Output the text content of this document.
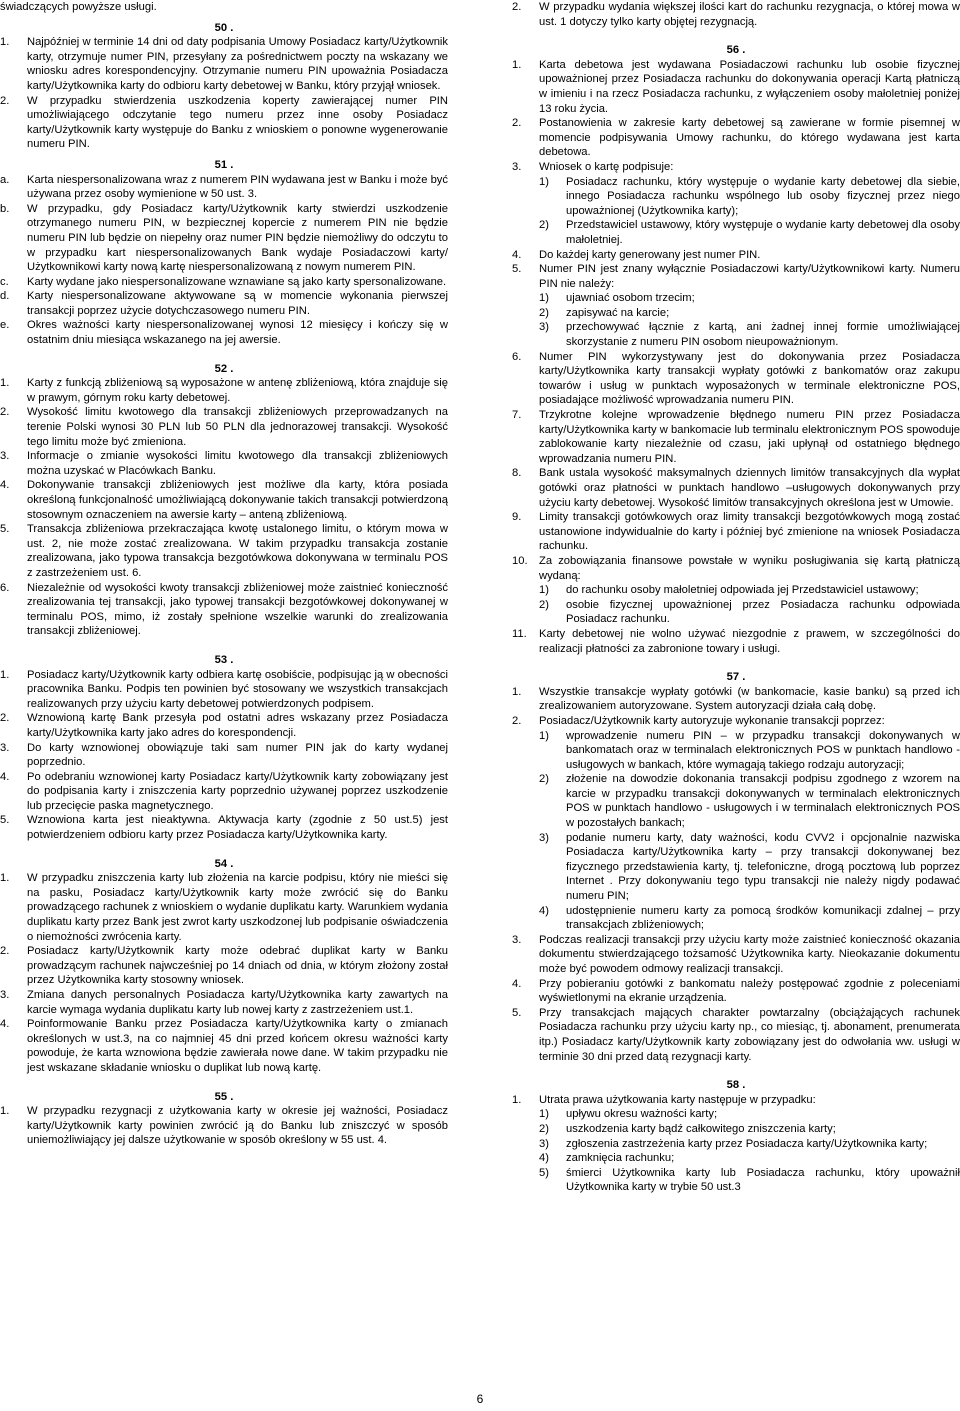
świadczących powyższe usługi.
50 .
1. Najpóźniej w terminie 14 dni od daty podpisania Umowy Posiadacz karty/Użytkownik karty, otrzymuje numer PIN, przesyłany za pośrednictwem poczty na wskazany we wniosku adres korespondencyjny. Otrzymanie numeru PIN upoważnia Posiadacza karty/Użytkownika karty do odbioru karty debetowej w Banku, który przyjął wniosek.
2. W przypadku stwierdzenia uszkodzenia koperty zawierającej numer PIN umożliwiającego odczytanie tego numeru przez inne osoby Posiadacz karty/Użytkownik karty występuje do Banku z wnioskiem o ponowne wygenerowanie numeru PIN.
51 .
a. Karta niespersonalizowana wraz z numerem PIN wydawana jest w Banku i może być używana przez osoby wymienione w 50 ust. 3.
b. W przypadku, gdy Posiadacz karty/Użytkownik karty stwierdzi uszkodzenie otrzymanego numeru PIN, w bezpiecznej kopercie z numerem PIN nie będzie numeru PIN lub będzie on niepełny oraz numer PIN będzie niemożliwy do odczytu to w przypadku kart niespersonalizowanych Bank wydaje Posiadaczowi karty/ Użytkownikowi karty nową kartę niespersonalizowaną z nowym numerem PIN.
c. Karty wydane jako niespersonalizowane wznawiane są jako karty spersonalizowane.
d. Karty niespersonalizowane aktywowane są w momencie wykonania pierwszej transakcji poprzez użycie dotychczasowego numeru PIN.
e. Okres ważności karty niespersonalizowanej wynosi 12 miesięcy i kończy się w ostatnim dniu miesiąca wskazanego na jej awersie.
52 .
1. Karty z funkcją zbliżeniową są wyposażone w antenę zbliżeniową, która znajduje się w prawym, górnym roku karty debetowej.
2. Wysokość limitu kwotowego dla transakcji zbliżeniowych przeprowadzanych na terenie Polski wynosi 30 PLN lub 50 PLN dla jednorazowej transakcji. Wysokość tego limitu może być zmieniona.
3. Informacje o zmianie wysokości limitu kwotowego dla transakcji zbliżeniowych można uzyskać w Placówkach Banku.
4. Dokonywanie transakcji zbliżeniowych jest możliwe dla karty, która posiada określoną funkcjonalność umożliwiającą dokonywanie takich transakcji potwierdzoną stosownym oznaczeniem na awersie karty – anteną zbliżeniową.
5. Transakcja zbliżeniowa przekraczająca kwotę ustalonego limitu, o którym mowa w ust. 2, nie może zostać zrealizowana. W takim przypadku transakcja zostanie zrealizowana, jako typowa transakcja bezgotówkowa dokonywana w terminalu POS z zastrzeżeniem ust. 6.
6. Niezależnie od wysokości kwoty transakcji zbliżeniowej może zaistnieć konieczność zrealizowania tej transakcji, jako typowej transakcji bezgotówkowej dokonywanej w terminalu POS, mimo, iż zostały spełnione wszelkie warunki do zrealizowania transakcji zbliżeniowej.
53 .
1. Posiadacz karty/Użytkownik karty odbiera kartę osobiście, podpisując ją w obecności pracownika Banku. Podpis ten powinien być stosowany we wszystkich transakcjach realizowanych przy użyciu karty debetowej potwierdzonych podpisem.
2. Wznowioną kartę Bank przesyła pod ostatni adres wskazany przez Posiadacza karty/Użytkownika karty jako adres do korespondencji.
3. Do karty wznowionej obowiązuje taki sam numer PIN jak do karty wydanej poprzednio.
4. Po odebraniu wznowionej karty Posiadacz karty/Użytkownik karty zobowiązany jest do podpisania karty i zniszczenia karty poprzednio używanej poprzez uszkodzenie lub przecięcie paska magnetycznego.
5. Wznowiona karta jest nieaktywna. Aktywacja karty (zgodnie z 50 ust.5) jest potwierdzeniem odbioru karty przez Posiadacza karty/Użytkownika karty.
54 .
1. W przypadku zniszczenia karty lub złożenia na karcie podpisu, który nie mieści się na pasku, Posiadacz karty/Użytkownik karty może zwrócić się do Banku prowadzącego rachunek z wnioskiem o wydanie duplikatu karty. Warunkiem wydania duplikatu karty przez Bank jest zwrot karty uszkodzonej lub podpisanie oświadczenia o niemożności zwrócenia karty.
2. Posiadacz karty/Użytkownik karty może odebrać duplikat karty w Banku prowadzącym rachunek najwcześniej po 14 dniach od dnia, w którym złożony został przez Użytkownika karty stosowny wniosek.
3. Zmiana danych personalnych Posiadacza karty/Użytkownika karty zawartych na karcie wymaga wydania duplikatu karty lub nowej karty z zastrzeżeniem ust.1.
4. Poinformowanie Banku przez Posiadacza karty/Użytkownika karty o zmianach określonych w ust.3, na co najmniej 45 dni przed końcem okresu ważności karty powoduje, że karta wznowiona będzie zawierała nowe dane. W takim przypadku nie jest wskazane składanie wniosku o duplikat lub nową kartę.
55 .
1. W przypadku rezygnacji z użytkowania karty w okresie jej ważności, Posiadacz karty/Użytkownik karty powinien zwrócić ją do Banku lub zniszczyć w sposób uniemożliwiający jej dalsze użytkowanie w sposób określony w 55 ust. 4.
2. W przypadku wydania większej ilości kart do rachunku rezygnacja, o której mowa w ust. 1 dotyczy tylko karty objętej rezygnacją.
56 .
1. Karta debetowa jest wydawana Posiadaczowi rachunku lub osobie fizycznej upoważnionej przez Posiadacza rachunku do dokonywania operacji Kartą płatniczą w imieniu i na rzecz Posiadacza rachunku, z wyłączeniem osoby małoletniej poniżej 13 roku życia.
2. Postanowienia w zakresie karty debetowej są zawierane w formie pisemnej w momencie podpisywania Umowy rachunku, do którego wydawana jest karta debetowa.
3. Wniosek o kartę podpisuje:
1) Posiadacz rachunku, który występuje o wydanie karty debetowej dla siebie, innego Posiadacza rachunku wspólnego lub osoby fizycznej przez niego upoważnionej (Użytkownika karty);
2) Przedstawiciel ustawowy, który występuje o wydanie karty debetowej dla osoby małoletniej.
4. Do każdej karty generowany jest numer PIN.
5. Numer PIN jest znany wyłącznie Posiadaczowi karty/Użytkownikowi karty. Numeru PIN nie należy:
1) ujawniać osobom trzecim;
2) zapisywać na karcie;
3) przechowywać łącznie z kartą, ani żadnej innej formie umożliwiającej skorzystanie z numeru PIN osobom nieupoważnionym.
6. Numer PIN wykorzystywany jest do dokonywania przez Posiadacza karty/Użytkownika karty transakcji wypłaty gotówki z bankomatów oraz zakupu towarów i usług w punktach wyposażonych w terminale elektroniczne POS, posiadające możliwość wprowadzania numeru PIN.
7. Trzykrotne kolejne wprowadzenie błędnego numeru PIN przez Posiadacza karty/Użytkownika karty w bankomacie lub terminalu elektronicznym POS spowoduje zablokowanie karty niezależnie od czasu, jaki upłynął od ostatniego błędnego wprowadzania numeru PIN.
8. Bank ustala wysokość maksymalnych dziennych limitów transakcyjnych dla wypłat gotówki oraz płatności w punktach handlowo –usługowych dokonywanych przy użyciu karty debetowej. Wysokość limitów transakcyjnych określona jest w Umowie.
9. Limity transakcji gotówkowych oraz limity transakcji bezgotówkowych mogą zostać ustanowione indywidualnie do karty i później być zmienione na wniosek Posiadacza rachunku.
10. Za zobowiązania finansowe powstałe w wyniku posługiwania się kartą płatniczą wydaną:
1) do rachunku osoby małoletniej odpowiada jej Przedstawiciel ustawowy;
2) osobie fizycznej upoważnionej przez Posiadacza rachunku odpowiada Posiadacz rachunku.
11. Karty debetowej nie wolno używać niezgodnie z prawem, w szczególności do realizacji płatności za zabronione towary i usługi.
57 .
1. Wszystkie transakcje wypłaty gotówki (w bankomacie, kasie banku) są przed ich zrealizowaniem autoryzowane. System autoryzacji działa całą dobę.
2. Posiadacz/Użytkownik karty autoryzuje wykonanie transakcji poprzez:
1) wprowadzenie numeru PIN – w przypadku transakcji dokonywanych w bankomatach oraz w terminalach elektronicznych POS w punktach handlowo - usługowych w bankach, które wymagają takiego rodzaju autoryzacji;
2) złożenie na dowodzie dokonania transakcji podpisu zgodnego z wzorem na karcie w przypadku transakcji dokonywanych w terminalach elektronicznych POS w punktach handlowo - usługowych i w terminalach elektronicznych POS w pozostałych bankach;
3) podanie numeru karty, daty ważności, kodu CVV2 i opcjonalnie nazwiska Posiadacza karty/Użytkownika karty – przy transakcji dokonywanej bez fizycznego przedstawienia karty, tj. telefoniczne, drogą pocztową lub poprzez Internet . Przy dokonywaniu tego typu transakcji nie należy nigdy podawać numeru PIN;
4) udostępnienie numeru karty za pomocą środków komunikacji zdalnej – przy transakcjach zbliżeniowych;
3. Podczas realizacji transakcji przy użyciu karty może zaistnieć konieczność okazania dokumentu stwierdzającego tożsamość Użytkownika karty. Nieokazanie dokumentu może być powodem odmowy realizacji transakcji.
4. Przy pobieraniu gotówki z bankomatu należy postępować zgodnie z poleceniami wyświetlonymi na ekranie urządzenia.
5. Przy transakcjach mających charakter powtarzalny (obciążających rachunek Posiadacza rachunku przy użyciu karty np., co miesiąc, tj. abonament, prenumerata itp.) Posiadacz karty/Użytkownik karty zobowiązany jest do odwołania ww. usługi w terminie 30 dni przed datą rezygnacji karty.
58 .
1. Utrata prawa użytkowania karty następuje w przypadku:
1) upływu okresu ważności karty;
2) uszkodzenia karty bądź całkowitego zniszczenia karty;
3) zgłoszenia zastrzeżenia karty przez Posiadacza karty/Użytkownika karty;
4) zamknięcia rachunku;
5) śmierci Użytkownika karty lub Posiadacza rachunku, który upoważnił Użytkownika karty w trybie 50 ust.3
6
